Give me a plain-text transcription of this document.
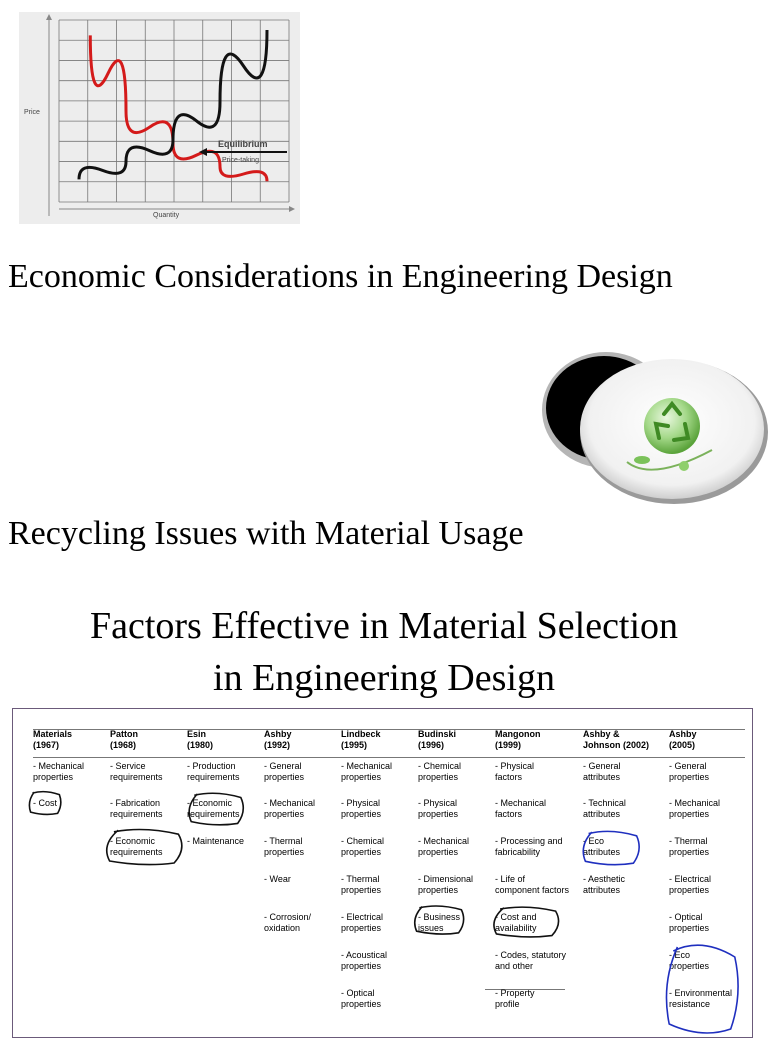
Price
Quantity
Equilibrium
Price-taking
Economic Considerations in Engineering Design
Recycling Issues with Material Usage
Factors Effective in Material Selection
in Engineering Design
Materials
(1967)
- Mechanical
properties
- Cost
Patton
(1968)
- Service
requirements
- Fabrication
requirements
- Economic
requirements
Esin
(1980)
- Production
requirements
- Economic
requirements
- Maintenance
Ashby
(1992)
- General
properties
- Mechanical
properties
- Thermal
properties
- Wear
- Corrosion/
oxidation
Lindbeck
(1995)
- Mechanical
properties
- Physical
properties
- Chemical
properties
- Thermal
properties
- Electrical
properties
- Acoustical
properties
- Optical
properties
Budinski
(1996)
- Chemical
properties
- Physical
properties
- Mechanical
properties
- Dimensional
properties
- Business
issues
Mangonon
(1999)
- Physical
factors
- Mechanical
factors
- Processing and
fabricability
- Life of
component factors
- Cost and
availability
- Codes, statutory
and other
- Property
profile
Ashby &
Johnson (2002)
- General
attributes
- Technical
attributes
- Eco
attributes
- Aesthetic
attributes
Ashby
(2005)
- General
properties
- Mechanical
properties
- Thermal
properties
- Electrical
properties
- Optical
properties
- Eco
properties
- Environmental
resistance
